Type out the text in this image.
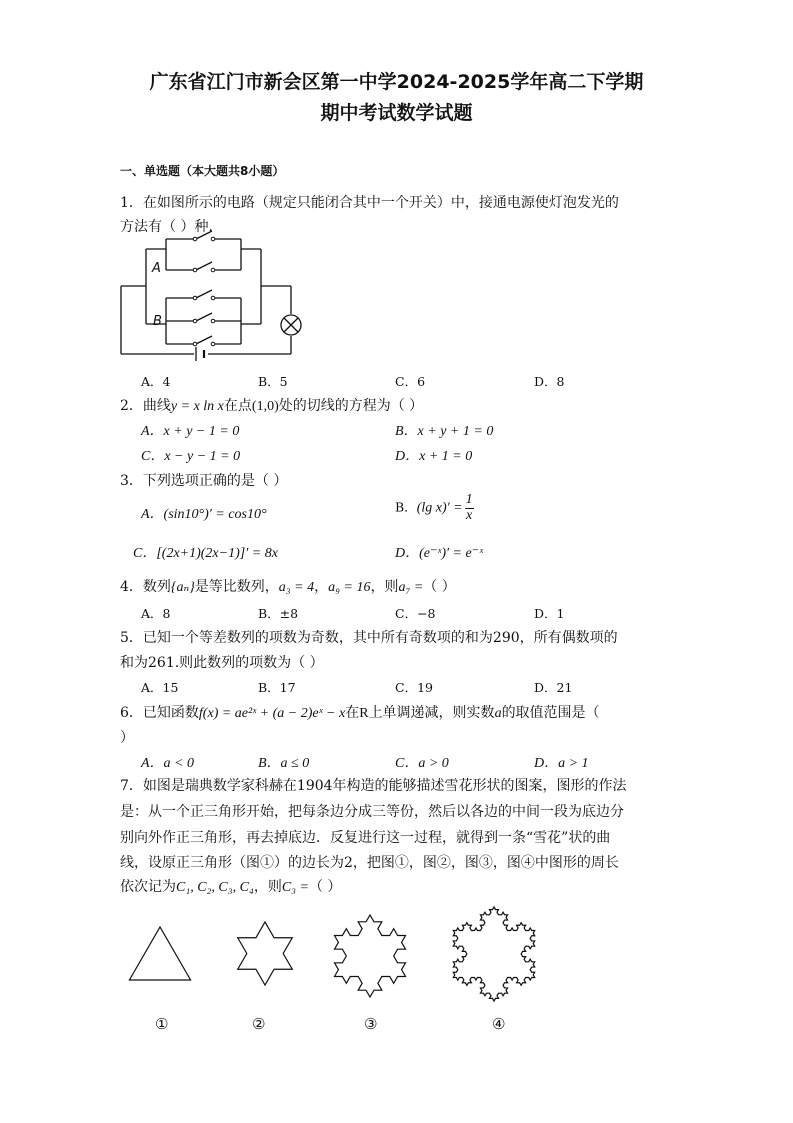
广东省江门市新会区第一中学2024-2025学年高二下学期
期中考试数学试题
一、单选题（本大题共8小题）
1．在如图所示的电路（规定只能闭合其中一个开关）中，接通电源使灯泡发光的
方法有（ ）种.
A
B
A．4	B．5	C．6	D．8
2．曲线y = x ln x在点(1,0)处的切线的方程为（ ）
A．x + y − 1 = 0	B．x + y + 1 = 0
C．x − y − 1 = 0	D．x + 1 = 0
3．下列选项正确的是（ ）
A．(sin10°)′ = cos10°	B．(lg $x)' = \frac{1}{x}$
C．[(2x+1)(2x−1)]′ = 8x	D．(e⁻ˣ)′ = e⁻ˣ
4．数列{aₙ}是等比数列，a₃ = 4，a₉ = 16，则a₇ =（ ）
A．8	B．±8	C．−8	D．1
5．已知一个等差数列的项数为奇数，其中所有奇数项的和为290，所有偶数项的
和为261.则此数列的项数为（ ）
A．15	B．17	C．19	D．21
6．已知函数f(x) = ae²ˣ + (a − 2)eˣ − x在R上单调递减，则实数a的取值范围是（
）
A．a < 0	B．a ≤ 0	C．a > 0	D．a > 1
7．如图是瑞典数学家科赫在1904年构造的能够描述雪花形状的图案，图形的作法
是：从一个正三角形开始，把每条边分成三等份，然后以各边的中间一段为底边分
别向外作正三角形，再去掉底边．反复进行这一过程，就得到一条“雪花”状的曲
线，设原正三角形（图①）的边长为2，把图①，图②，图③，图④中图形的周长
依次记为C₁, C₂, C₃, C₄，则C₃ =（ ）
①	②	③	④
